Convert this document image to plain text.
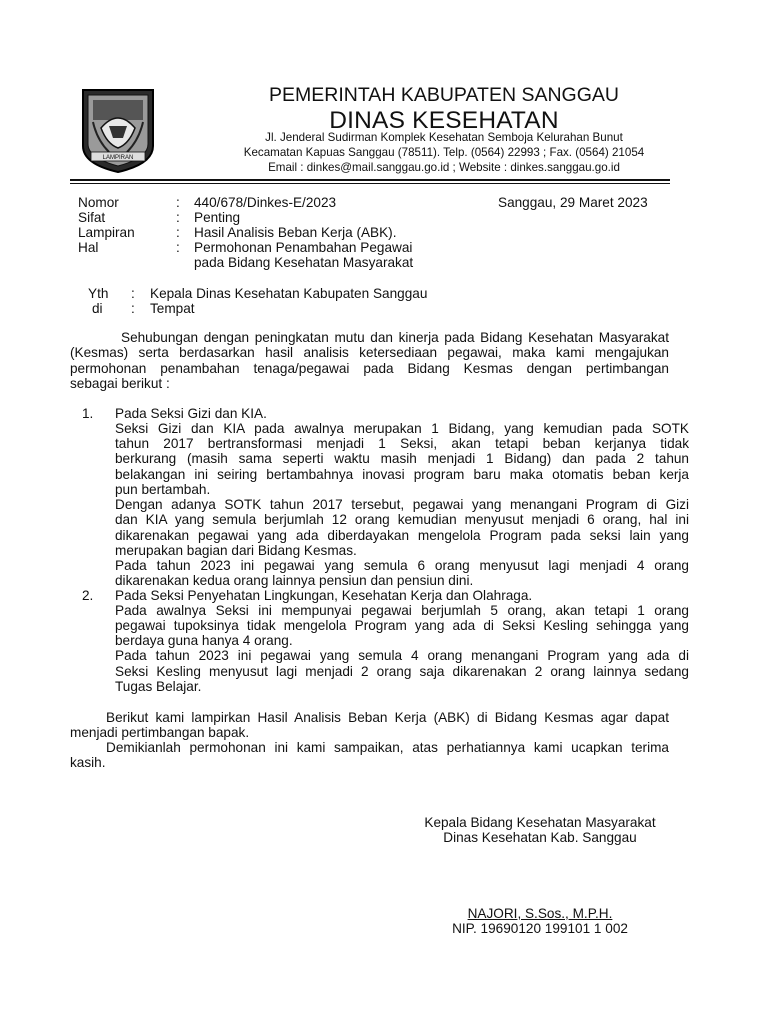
LAMPIRAN
PEMERINTAH KABUPATEN SANGGAU
DINAS KESEHATAN
Jl. Jenderal Sudirman Komplek Kesehatan Semboja Kelurahan Bunut
Kecamatan Kapuas Sanggau (78511). Telp. (0564) 22993 ; Fax. (0564) 21054
Email : dinkes@mail.sanggau.go.id ; Website : dinkes.sanggau.go.id
Nomor	: 440/678/Dinkes-E/2023	Sanggau, 29 Maret 2023
Sifat	: Penting
Lampiran	: Hasil Analisis Beban Kerja (ABK).
Hal	: Permohonan Penambahan Pegawai
pada Bidang Kesehatan Masyarakat
Yth : Kepala Dinas Kesehatan Kabupaten Sanggau
di : Tempat
Sehubungan dengan peningkatan mutu dan kinerja pada Bidang Kesehatan Masyarakat
(Kesmas) serta berdasarkan hasil analisis ketersediaan pegawai, maka kami mengajukan
permohonan penambahan tenaga/pegawai pada Bidang Kesmas dengan pertimbangan
sebagai berikut :
1. Pada Seksi Gizi dan KIA.
Seksi Gizi dan KIA pada awalnya merupakan 1 Bidang, yang kemudian pada SOTK
tahun 2017 bertransformasi menjadi 1 Seksi, akan tetapi beban kerjanya tidak
berkurang (masih sama seperti waktu masih menjadi 1 Bidang) dan pada 2 tahun
belakangan ini seiring bertambahnya inovasi program baru maka otomatis beban kerja
pun bertambah.
Dengan adanya SOTK tahun 2017 tersebut, pegawai yang menangani Program di Gizi
dan KIA yang semula berjumlah 12 orang kemudian menyusut menjadi 6 orang, hal ini
dikarenakan pegawai yang ada diberdayakan mengelola Program pada seksi lain yang
merupakan bagian dari Bidang Kesmas.
Pada tahun 2023 ini pegawai yang semula 6 orang menyusut lagi menjadi 4 orang
dikarenakan kedua orang lainnya pensiun dan pensiun dini.
2. Pada Seksi Penyehatan Lingkungan, Kesehatan Kerja dan Olahraga.
Pada awalnya Seksi ini mempunyai pegawai berjumlah 5 orang, akan tetapi 1 orang
pegawai tupoksinya tidak mengelola Program yang ada di Seksi Kesling sehingga yang
berdaya guna hanya 4 orang.
Pada tahun 2023 ini pegawai yang semula 4 orang menangani Program yang ada di
Seksi Kesling menyusut lagi menjadi 2 orang saja dikarenakan 2 orang lainnya sedang
Tugas Belajar.
Berikut kami lampirkan Hasil Analisis Beban Kerja (ABK) di Bidang Kesmas agar dapat
menjadi pertimbangan bapak.
Demikianlah permohonan ini kami sampaikan, atas perhatiannya kami ucapkan terima
kasih.
Kepala Bidang Kesehatan Masyarakat
Dinas Kesehatan Kab. Sanggau
NAJORI, S.Sos., M.P.H.
NIP. 19690120 199101 1 002
